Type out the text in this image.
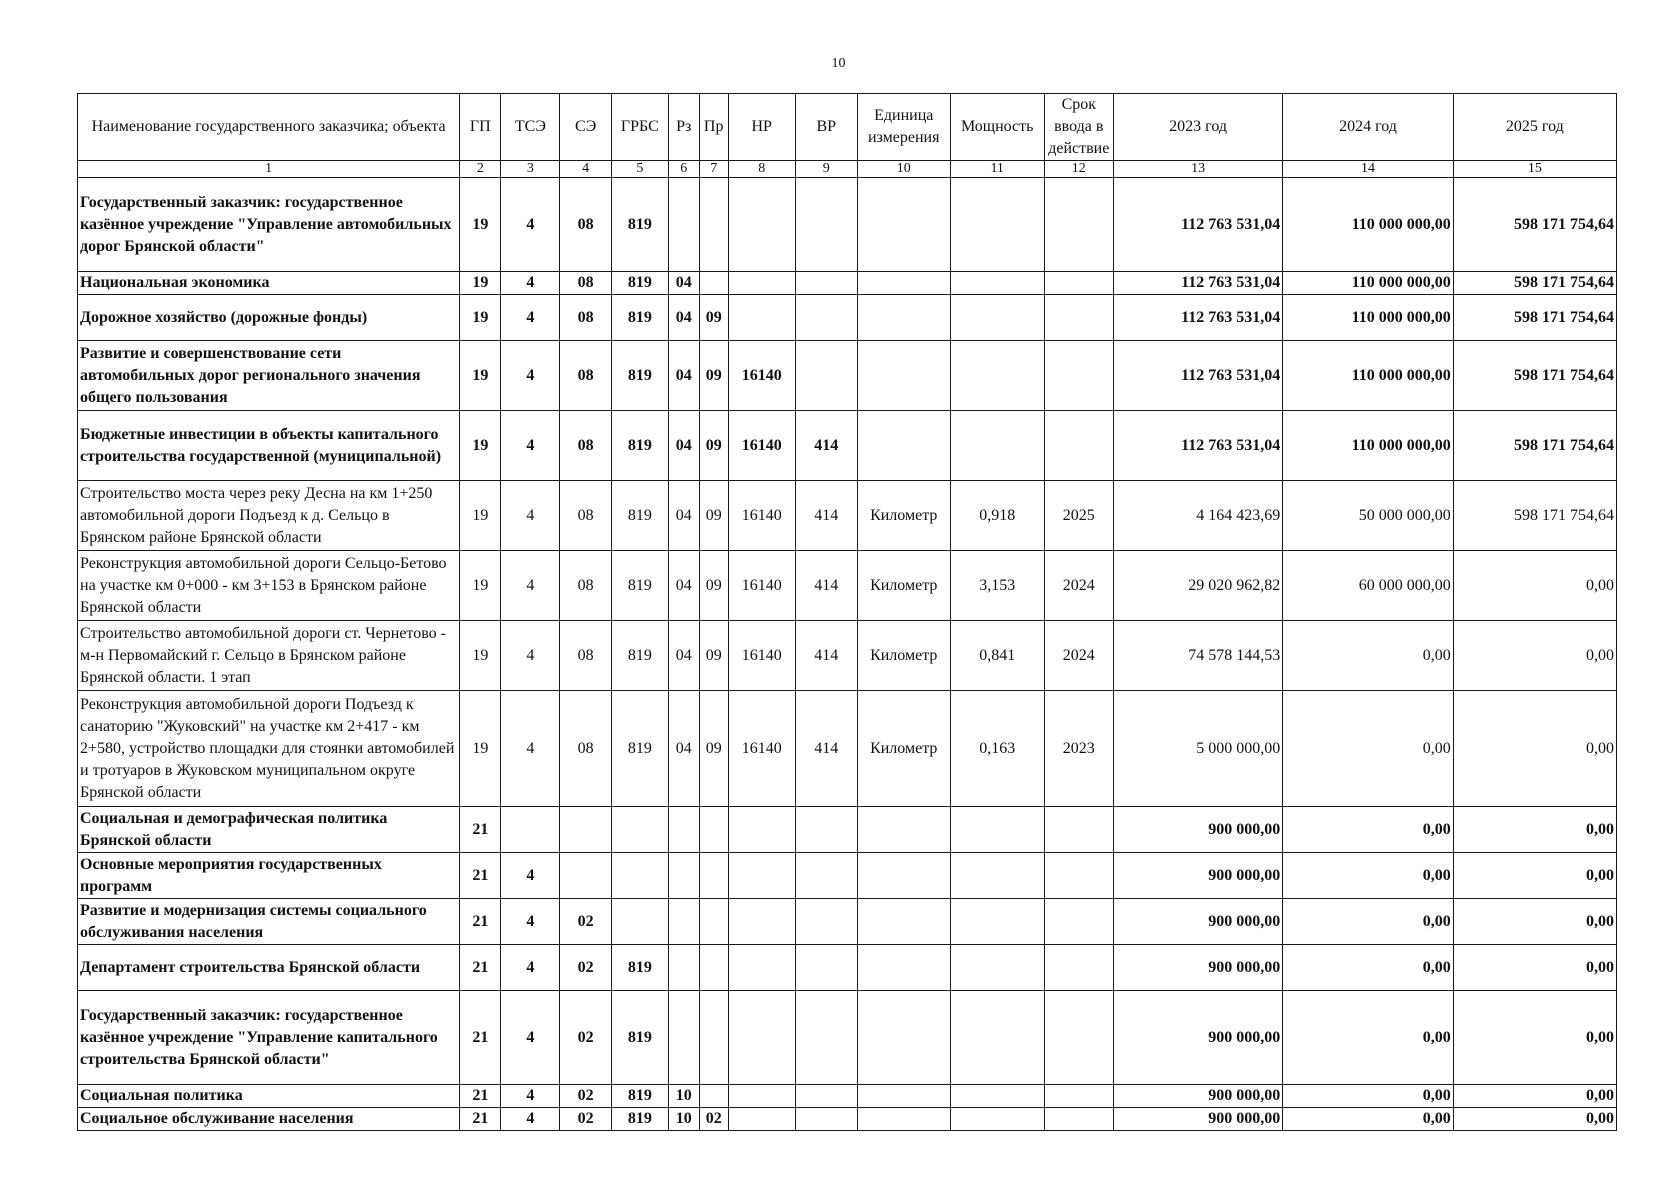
10
Наименование государственного заказчика; объекта	ГП	ТСЭ	СЭ	ГРБС	Рз	Пр	НР	ВР	Единица измерения	Мощность	Срок ввода в действие	2023 год	2024 год	2025 год
1	2	3	4	5	6	7	8	9	10	11	12	13	14	15
Государственный заказчик: государственное казённое учреждение "Управление автомобильных дорог Брянской области"	19	4	08	819								112 763 531,04	110 000 000,00	598 171 754,64
Национальная экономика	19	4	08	819	04							112 763 531,04	110 000 000,00	598 171 754,64
Дорожное хозяйство (дорожные фонды)	19	4	08	819	04	09						112 763 531,04	110 000 000,00	598 171 754,64
Развитие и совершенствование сети автомобильных дорог регионального значения общего пользования	19	4	08	819	04	09	16140					112 763 531,04	110 000 000,00	598 171 754,64
Бюджетные инвестиции в объекты капитального строительства государственной (муниципальной)	19	4	08	819	04	09	16140	414				112 763 531,04	110 000 000,00	598 171 754,64
Строительство моста через реку Десна на км 1+250 автомобильной дороги Подъезд к д. Сельцо в Брянском районе Брянской области	19	4	08	819	04	09	16140	414	Километр	0,918	2025	4 164 423,69	50 000 000,00	598 171 754,64
Реконструкция автомобильной дороги Сельцо-Бетово на участке км 0+000 - км 3+153 в Брянском районе Брянской области	19	4	08	819	04	09	16140	414	Километр	3,153	2024	29 020 962,82	60 000 000,00	0,00
Строительство автомобильной дороги ст. Чернетово - м-н Первомайский г. Сельцо в Брянском районе Брянской области. 1 этап	19	4	08	819	04	09	16140	414	Километр	0,841	2024	74 578 144,53	0,00	0,00
Реконструкция автомобильной дороги Подъезд к санаторию "Жуковский" на участке км 2+417 - км 2+580, устройство площадки для стоянки автомобилей и тротуаров в Жуковском муниципальном округе Брянской области	19	4	08	819	04	09	16140	414	Километр	0,163	2023	5 000 000,00	0,00	0,00
Социальная и демографическая политика Брянской области	21											900 000,00	0,00	0,00
Основные мероприятия государственных программ	21	4										900 000,00	0,00	0,00
Развитие и модернизация системы социального обслуживания населения	21	4	02									900 000,00	0,00	0,00
Департамент строительства Брянской области	21	4	02	819								900 000,00	0,00	0,00
Государственный заказчик: государственное казённое учреждение "Управление капитального строительства Брянской области"	21	4	02	819								900 000,00	0,00	0,00
Социальная политика	21	4	02	819	10							900 000,00	0,00	0,00
Социальное обслуживание населения	21	4	02	819	10	02						900 000,00	0,00	0,00
